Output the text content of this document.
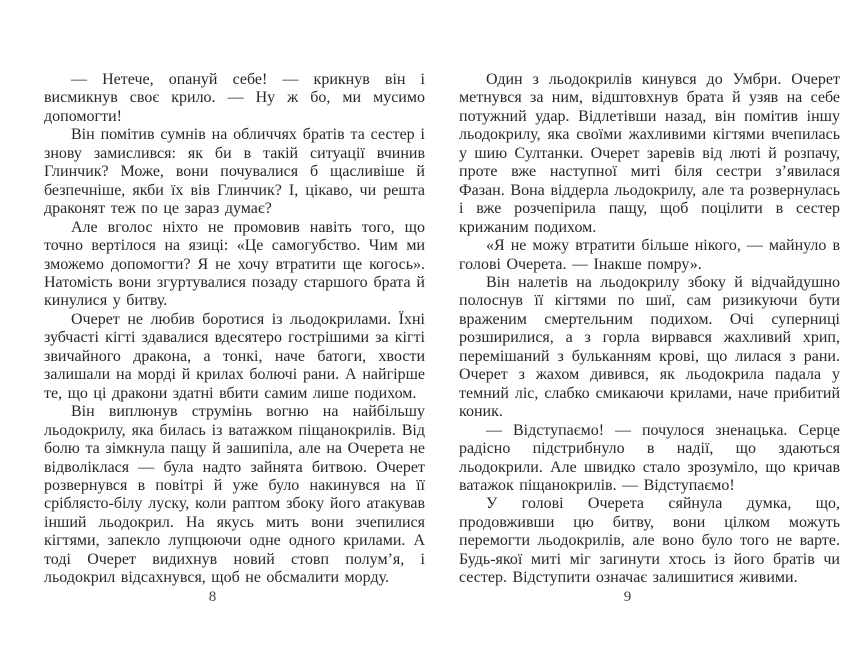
— Нетече, опануй себе! — крикнув він і висмикнув своє крило. — Ну ж бо, ми мусимо допомогти!

Він помітив сумнів на обличчях братів та сестер і знову замислився: як би в такій ситуації вчинив Глинчик? Може, вони почувалися б щасливіше й безпечніше, якби їх вів Глинчик? І, цікаво, чи решта драконят теж по це зараз думає?

Але вголос ніхто не промовив навіть того, що точно вертілося на язиці: «Це самогубство. Чим ми зможемо допомогти? Я не хочу втратити ще когось». Натомість вони згуртувалися позаду старшого брата й кинулися у битву.

Очерет не любив боротися із льодокрилами. Їхні зубчасті кігті здавалися вдесятеро гострішими за кігті звичайного дракона, а тонкі, наче батоги, хвости залишали на морді й крилах болючі рани. А найгірше те, що ці дракони здатні вбити самим лише подихом.

Він виплюнув струмінь вогню на найбільшу льодокрилу, яка билась із ватажком піщанокрилів. Від болю та зімкнула пащу й зашипіла, але на Очерета не відволіклася — була надто зайнята битвою. Очерет розвернувся в повітрі й уже було накинувся на її сріблясто-білу луску, коли раптом збоку його атакував інший льодокрил. На якусь мить вони зчепилися кігтями, запекло лупцюючи одне одного крилами. А тоді Очерет видихнув новий стовп полум’я, і льодокрил відсахнувся, щоб не обсмалити морду.

8

Один з льодокрилів кинувся до Умбри. Очерет метнувся за ним, відштовхнув брата й узяв на себе потужний удар. Відлетівши назад, він помітив іншу льодокрилу, яка своїми жахливими кігтями вчепилась у шию Султанки. Очерет заревів від люті й розпачу, проте вже наступної миті біля сестри з’явилася Фазан. Вона віддерла льодокрилу, але та розвернулась і вже розчепірила пащу, щоб поцілити в сестер крижаним подихом.

«Я не можу втратити більше нікого, — майнуло в голові Очерета. — Інакше помру».

Він налетів на льодокрилу збоку й відчайдушно полоснув її кігтями по шиї, сам ризикуючи бути враженим смертельним подихом. Очі суперниці розширилися, а з горла вирвався жахливий хрип, перемішаний з бульканням крові, що лилася з рани. Очерет з жахом дивився, як льодокрила падала у темний ліс, слабко смикаючи крилами, наче прибитий коник.

— Відступаємо! — почулося зненацька. Серце радісно підстрибнуло в надії, що здаються льодокрили. Але швидко стало зрозуміло, що кричав ватажок піщанокрилів. — Відступаємо!

У голові Очерета сяйнула думка, що, продовживши цю битву, вони цілком можуть перемогти льодокрилів, але воно було того не варте. Будь-якої миті міг загинути хтось із його братів чи сестер. Відступити означає залишитися живими.

9
